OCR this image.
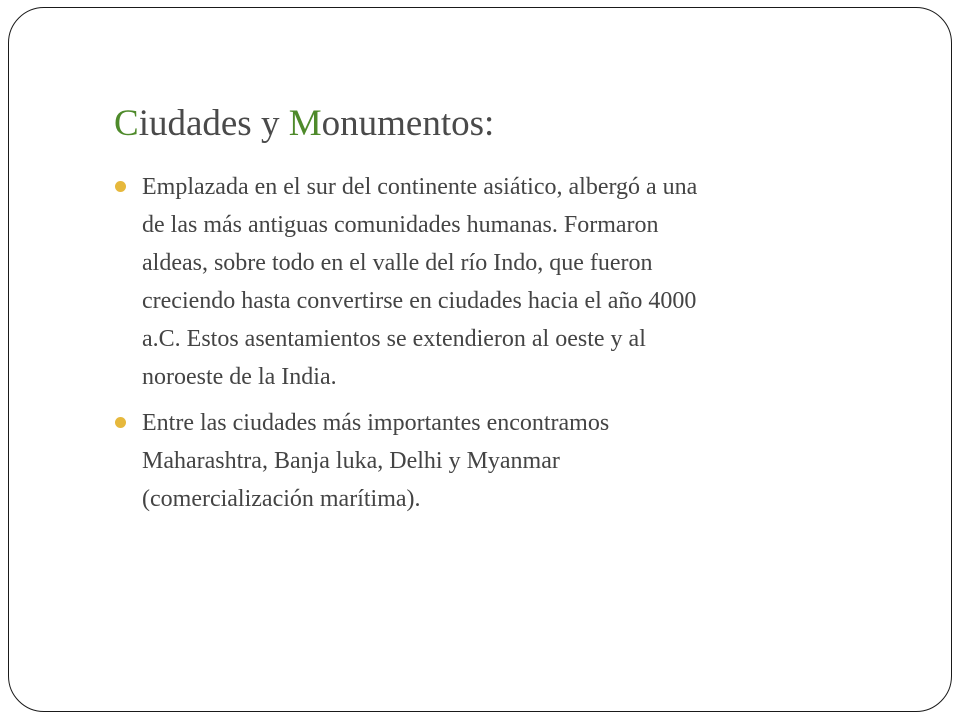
Ciudades y Monumentos:
Emplazada en el sur del continente asiático, albergó a una
de las más antiguas comunidades humanas. Formaron
aldeas, sobre todo en el valle del río Indo, que fueron
creciendo hasta convertirse en ciudades hacia el año 4000
a.C. Estos asentamientos se extendieron al oeste y al
noroeste de la India.
Entre las ciudades más importantes encontramos
Maharashtra, Banja luka, Delhi y Myanmar
(comercialización marítima).
